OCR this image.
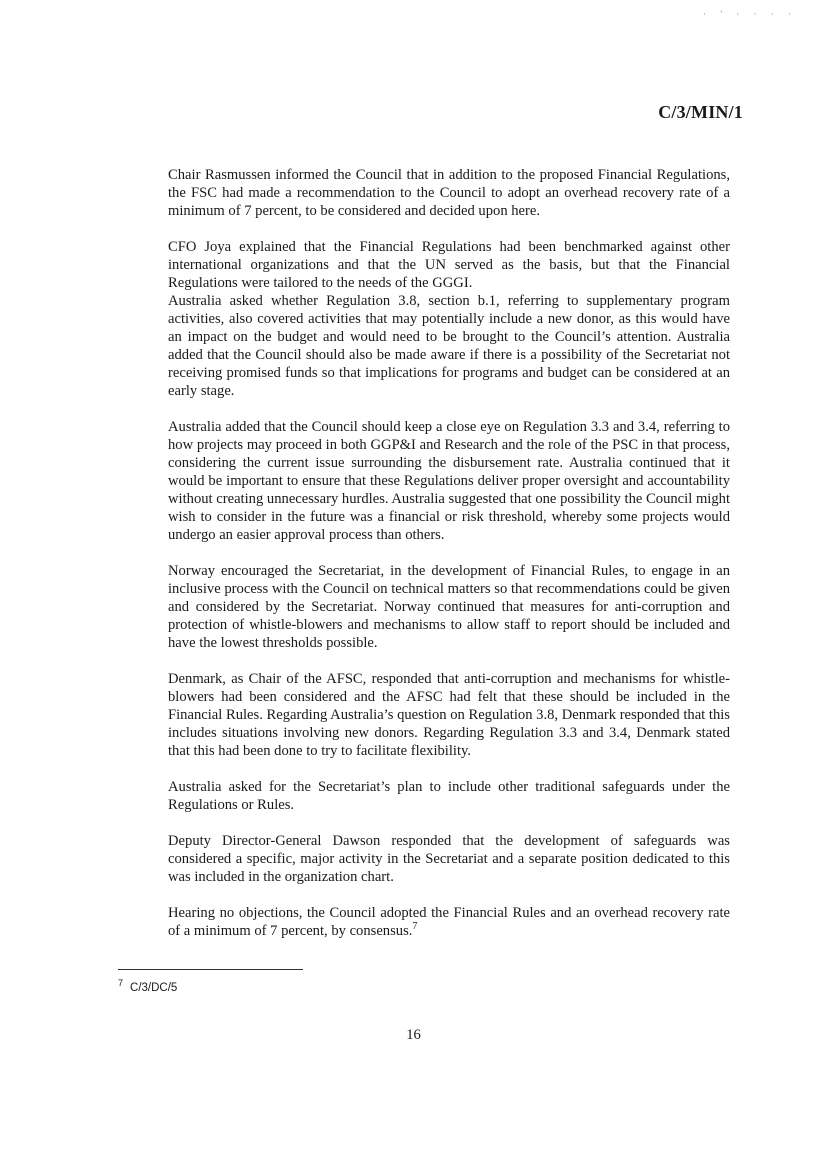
· ' · · · ·
C/3/MIN/1

Chair Rasmussen informed the Council that in addition to the proposed Financial Regulations, the FSC had made a recommendation to the Council to adopt an overhead recovery rate of a minimum of 7 percent, to be considered and decided upon here.

CFO Joya explained that the Financial Regulations had been benchmarked against other international organizations and that the UN served as the basis, but that the Financial Regulations were tailored to the needs of the GGGI.

Australia asked whether Regulation 3.8, section b.1, referring to supplementary program activities, also covered activities that may potentially include a new donor, as this would have an impact on the budget and would need to be brought to the Council’s attention. Australia added that the Council should also be made aware if there is a possibility of the Secretariat not receiving promised funds so that implications for programs and budget can be considered at an early stage.

Australia added that the Council should keep a close eye on Regulation 3.3 and 3.4, referring to how projects may proceed in both GGP&I and Research and the role of the PSC in that process, considering the current issue surrounding the disbursement rate. Australia continued that it would be important to ensure that these Regulations deliver proper oversight and accountability without creating unnecessary hurdles. Australia suggested that one possibility the Council might wish to consider in the future was a financial or risk threshold, whereby some projects would undergo an easier approval process than others.

Norway encouraged the Secretariat, in the development of Financial Rules, to engage in an inclusive process with the Council on technical matters so that recommendations could be given and considered by the Secretariat. Norway continued that measures for anti-corruption and protection of whistle-blowers and mechanisms to allow staff to report should be included and have the lowest thresholds possible.

Denmark, as Chair of the AFSC, responded that anti-corruption and mechanisms for whistle-blowers had been considered and the AFSC had felt that these should be included in the Financial Rules. Regarding Australia’s question on Regulation 3.8, Denmark responded that this includes situations involving new donors. Regarding Regulation 3.3 and 3.4, Denmark stated that this had been done to try to facilitate flexibility.

Australia asked for the Secretariat’s plan to include other traditional safeguards under the Regulations or Rules.

Deputy Director-General Dawson responded that the development of safeguards was considered a specific, major activity in the Secretariat and a separate position dedicated to this was included in the organization chart.

Hearing no objections, the Council adopted the Financial Rules and an overhead recovery rate of a minimum of 7 percent, by consensus.$^7$

$^7$ C/3/DC/5
16
